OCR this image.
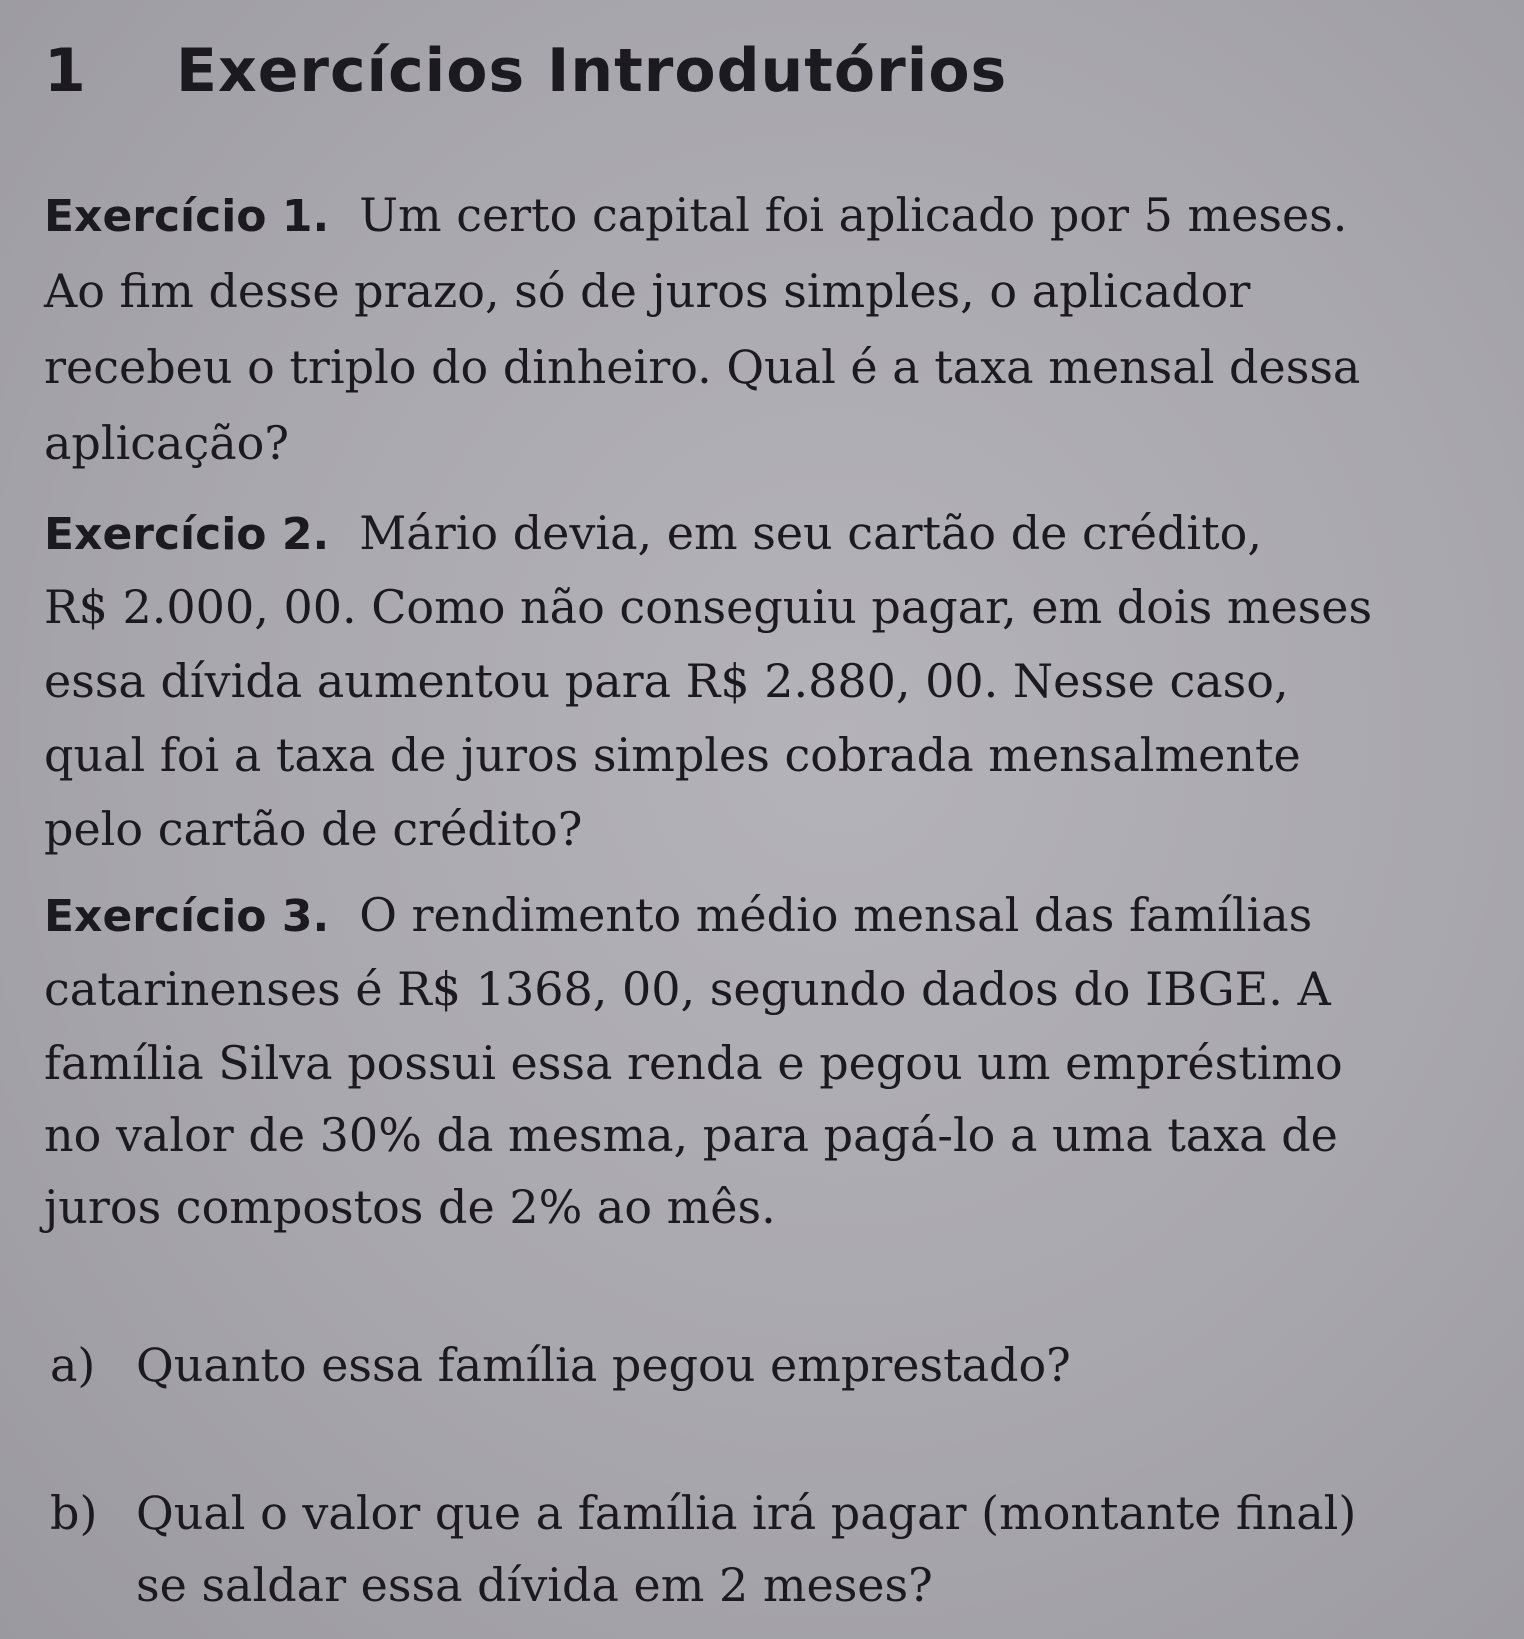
1 Exercícios Introdutórios

Exercício 1. Um certo capital foi aplicado por 5 meses.

Ao fim desse prazo, só de juros simples, o aplicador

recebeu o triplo do dinheiro. Qual é a taxa mensal dessa

aplicação?

Exercício 2. Mário devia, em seu cartão de crédito,

R$ 2.000, 00. Como não conseguiu pagar, em dois meses

essa dívida aumentou para R$ 2.880, 00. Nesse caso,

qual foi a taxa de juros simples cobrada mensalmente

pelo cartão de crédito?

Exercício 3. O rendimento médio mensal das famílias

catarinenses é R$ 1368, 00, segundo dados do IBGE. A

família Silva possui essa renda e pegou um empréstimo

no valor de 30% da mesma, para pagá-lo a uma taxa de

juros compostos de 2% ao mês.

a) Quanto essa família pegou emprestado?

b) Qual o valor que a família irá pagar (montante final)

se saldar essa dívida em 2 meses?
